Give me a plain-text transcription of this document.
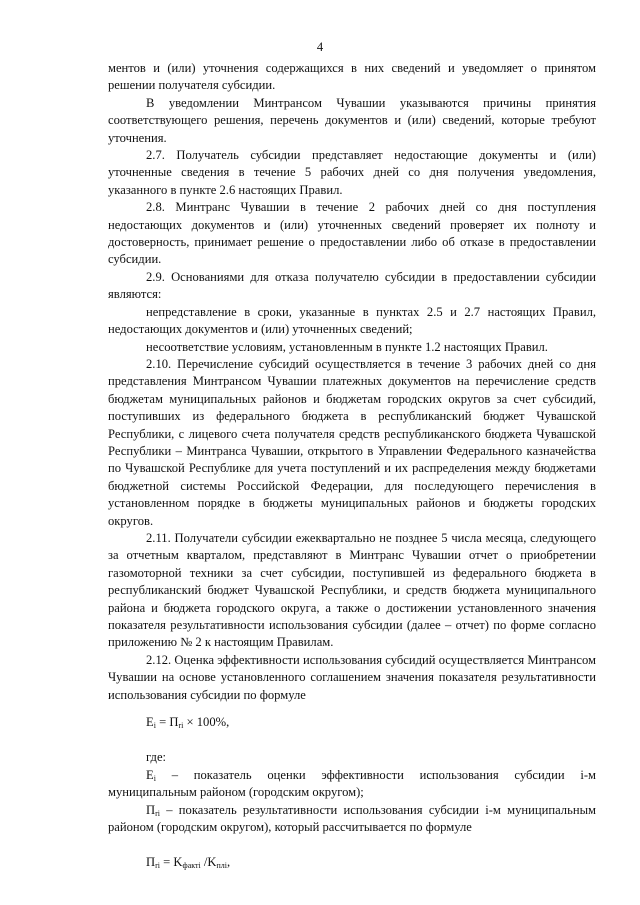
4

ментов и (или) уточнения содержащихся в них сведений и уведомляет о принятом решении получателя субсидии.

В уведомлении Минтрансом Чувашии указываются причины принятия соответствующего решения, перечень документов и (или) сведений, которые требуют уточнения.

2.7. Получатель субсидии представляет недостающие документы и (или) уточненные сведения в течение 5 рабочих дней со дня получения уведомления, указанного в пункте 2.6 настоящих Правил.

2.8. Минтранс Чувашии в течение 2 рабочих дней со дня поступления недостающих документов и (или) уточненных сведений проверяет их полноту и достоверность, принимает решение о предоставлении либо об отказе в предоставлении субсидии.

2.9. Основаниями для отказа получателю субсидии в предоставлении субсидии являются:

непредставление в сроки, указанные в пунктах 2.5 и 2.7 настоящих Правил, недостающих документов и (или) уточненных сведений;

несоответствие условиям, установленным в пункте 1.2 настоящих Правил.

2.10. Перечисление субсидий осуществляется в течение 3 рабочих дней со дня представления Минтрансом Чувашии платежных документов на перечисление средств бюджетам муниципальных районов и бюджетам городских округов за счет субсидий, поступивших из федерального бюджета в республиканский бюджет Чувашской Республики, с лицевого счета получателя средств республиканского бюджета Чувашской Республики – Минтранса Чувашии, открытого в Управлении Федерального казначейства по Чувашской Республике для учета поступлений и их распределения между бюджетами бюджетной системы Российской Федерации, для последующего перечисления в установленном порядке в бюджеты муниципальных районов и бюджеты городских округов.

2.11. Получатели субсидии ежеквартально не позднее 5 числа месяца, следующего за отчетным кварталом, представляют в Минтранс Чувашии отчет о приобретении газомоторной техники за счет субсидии, поступившей из федерального бюджета в республиканский бюджет Чувашской Республики, и средств бюджета муниципального района и бюджета городского округа, а также о достижении установленного значения показателя результативности использования субсидии (далее – отчет) по форме согласно приложению № 2 к настоящим Правилам.

2.12. Оценка эффективности использования субсидий осуществляется Минтрансом Чувашии на основе установленного соглашением значения показателя результативности использования субсидии по формуле

$E_i = П_{ri} \times 100\%$,

где:

$E_i$ – показатель оценки эффективности использования субсидии i-м муниципальным районом (городским округом);

$П_{ri}$ – показатель результативности использования субсидии i-м муниципальным районом (городским округом), который рассчитывается по формуле

$П_{ri} = K_{факті}$ $/K_{плі}$,
